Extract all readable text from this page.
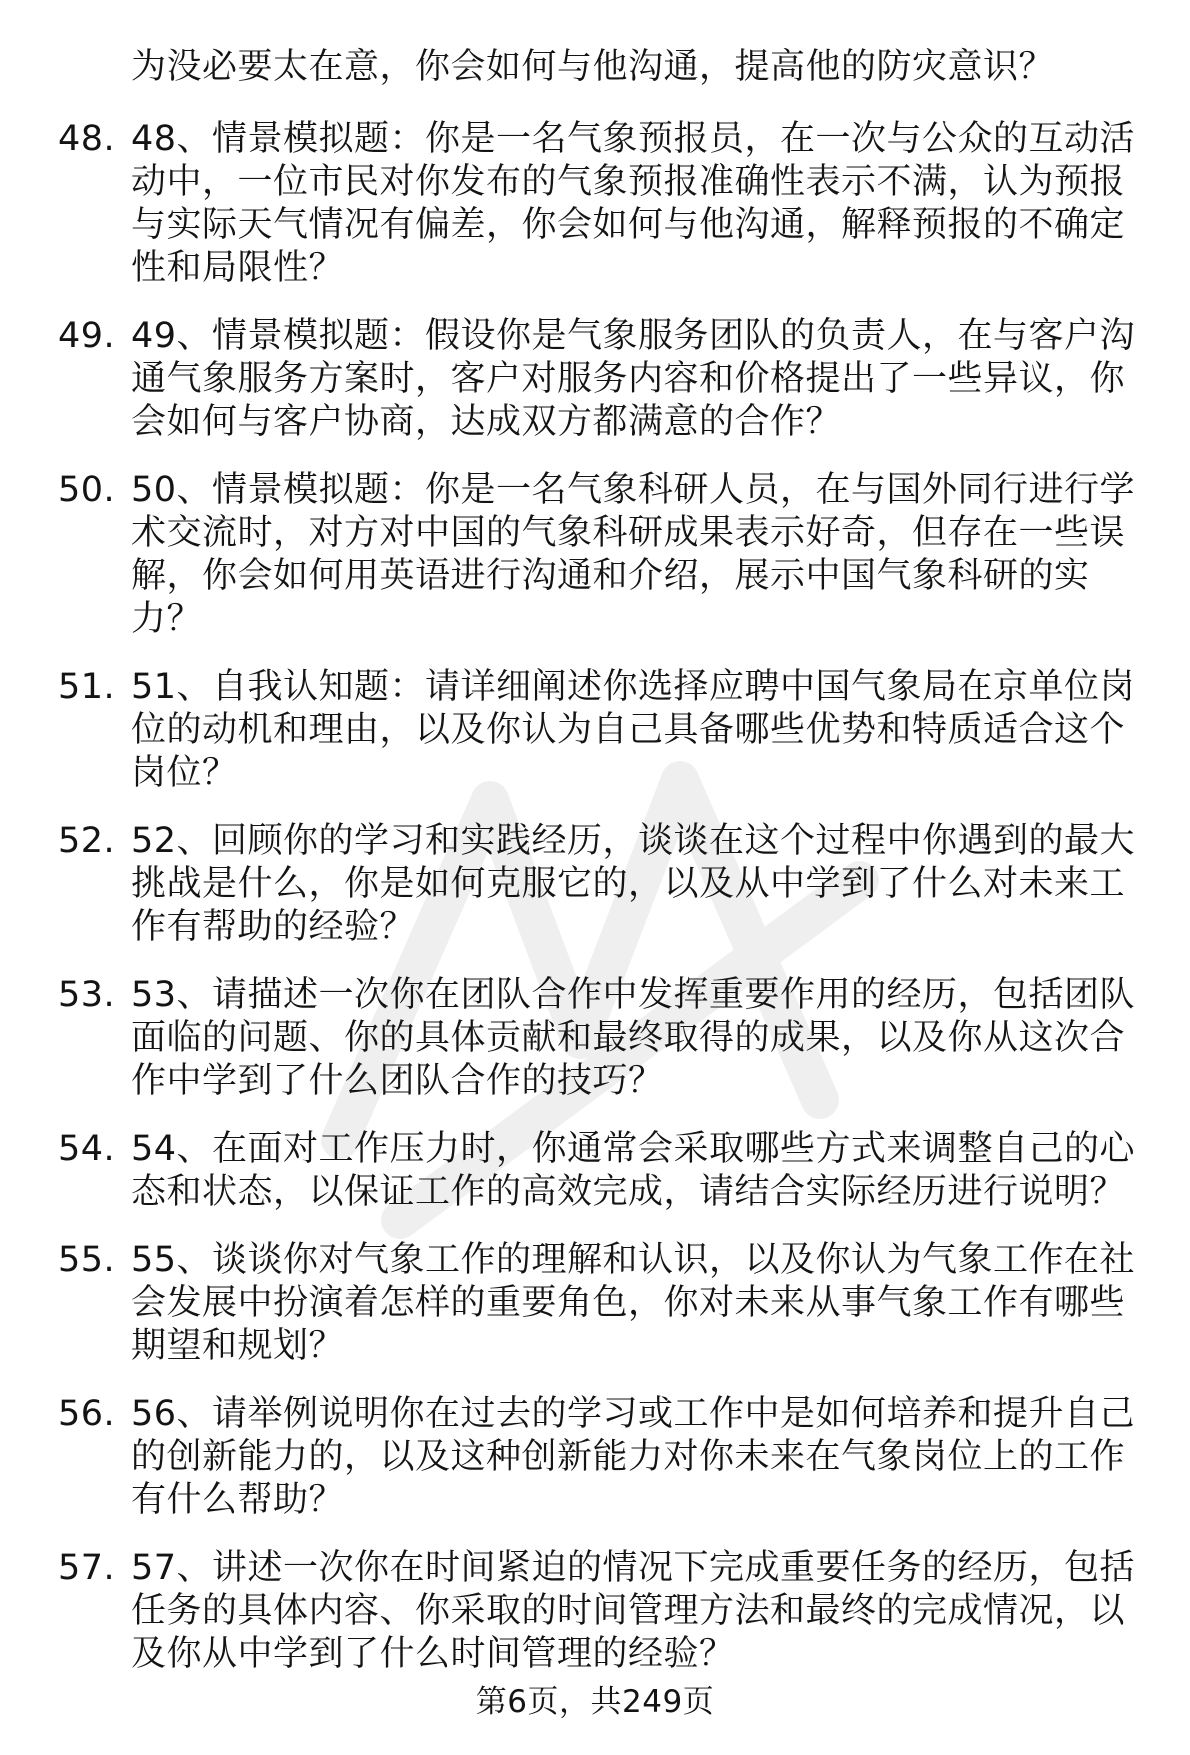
为没必要太在意，你会如何与他沟通，提高他的防灾意识？
48. 48、情景模拟题：你是一名气象预报员，在一次与公众的互动活动中，一位市民对你发布的气象预报准确性表示不满，认为预报与实际天气情况有偏差，你会如何与他沟通，解释预报的不确定性和局限性？
49. 49、情景模拟题：假设你是气象服务团队的负责人，在与客户沟通气象服务方案时，客户对服务内容和价格提出了一些异议，你会如何与客户协商，达成双方都满意的合作？
50. 50、情景模拟题：你是一名气象科研人员，在与国外同行进行学术交流时，对方对中国的气象科研成果表示好奇，但存在一些误解，你会如何用英语进行沟通和介绍，展示中国气象科研的实力？
51. 51、自我认知题：请详细阐述你选择应聘中国气象局在京单位岗位的动机和理由，以及你认为自己具备哪些优势和特质适合这个岗位？
52. 52、回顾你的学习和实践经历，谈谈在这个过程中你遇到的最大挑战是什么，你是如何克服它的，以及从中学到了什么对未来工作有帮助的经验？
53. 53、请描述一次你在团队合作中发挥重要作用的经历，包括团队面临的问题、你的具体贡献和最终取得的成果，以及你从这次合作中学到了什么团队合作的技巧？
54. 54、在面对工作压力时，你通常会采取哪些方式来调整自己的心态和状态，以保证工作的高效完成，请结合实际经历进行说明？
55. 55、谈谈你对气象工作的理解和认识，以及你认为气象工作在社会发展中扮演着怎样的重要角色，你对未来从事气象工作有哪些期望和规划？
56. 56、请举例说明你在过去的学习或工作中是如何培养和提升自己的创新能力的，以及这种创新能力对你未来在气象岗位上的工作有什么帮助？
57. 57、讲述一次你在时间紧迫的情况下完成重要任务的经历，包括任务的具体内容、你采取的时间管理方法和最终的完成情况，以及你从中学到了什么时间管理的经验？
第6页，共249页
